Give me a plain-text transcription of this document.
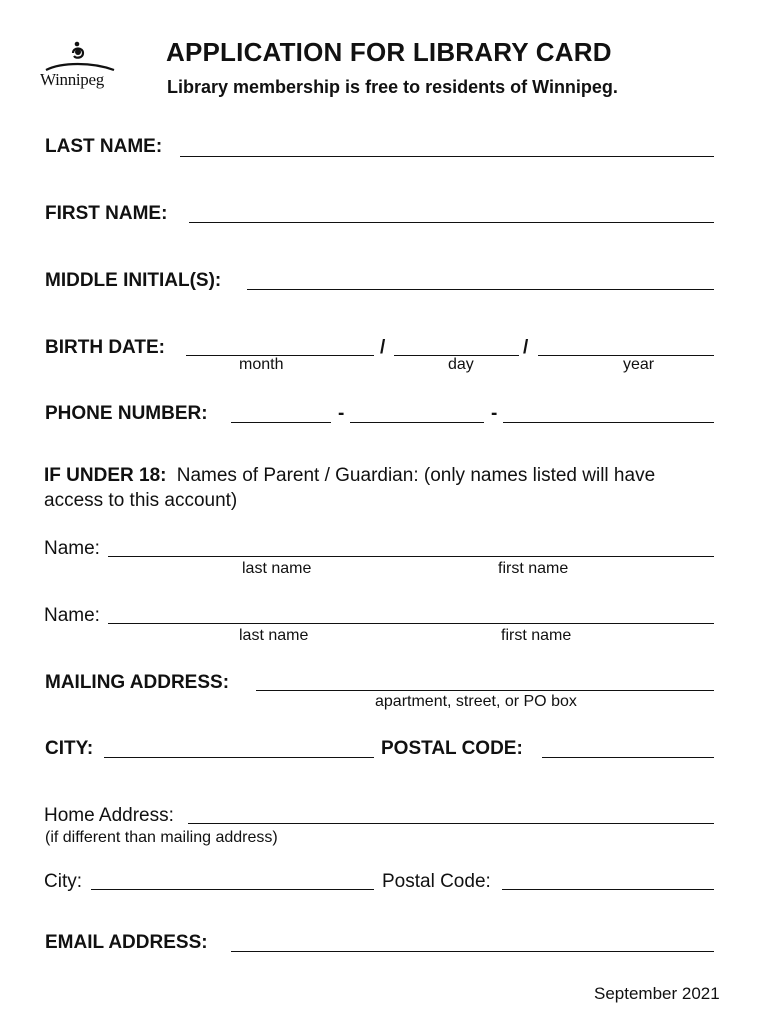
Winnipeg
APPLICATION FOR LIBRARY CARD
Library membership is free to residents of Winnipeg.
LAST NAME:
FIRST NAME:
MIDDLE INITIAL(S):
BIRTH DATE:	/	/
month	day	year
PHONE NUMBER:	-	-
IF UNDER 18: Names of Parent / Guardian: (only names listed will have
access to this account)
Name:
last name	first name
Name:
last name	first name
MAILING ADDRESS:
apartment, street, or PO box
CITY:	POSTAL CODE:
Home Address:
(if different than mailing address)
City:	Postal Code:
EMAIL ADDRESS:
September 2021
